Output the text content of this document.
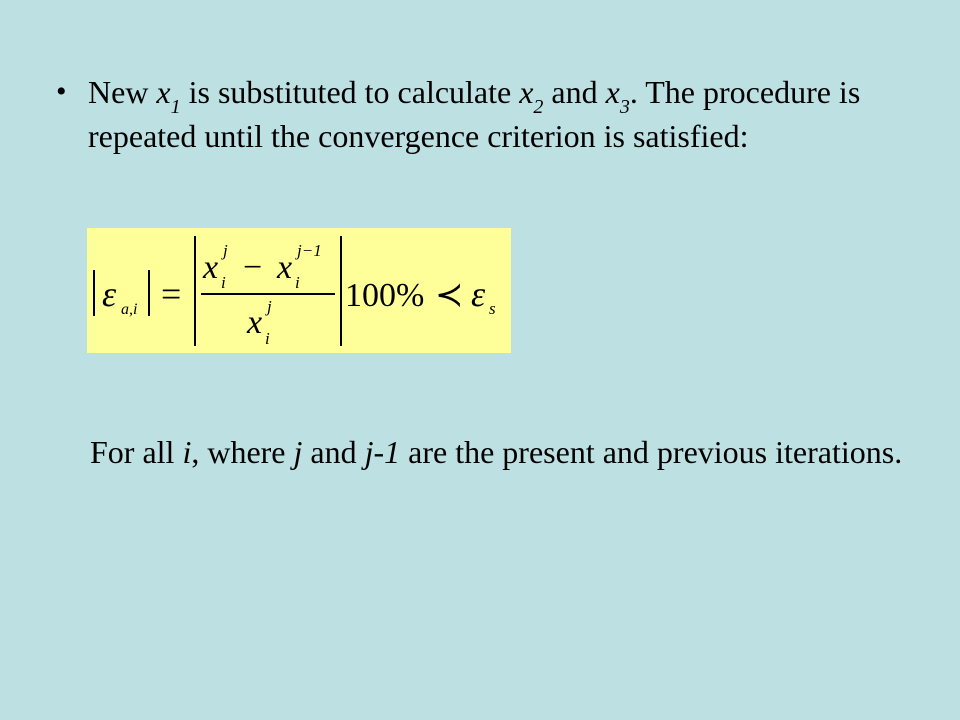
• New $x_1$ is substituted to calculate $x_2$ and $x_3$. The procedure is repeated until the convergence criterion is satisfied:
ε a,i =
x j
i − x j−1
i
x j
i
100% ≺ ε s
For all i, where j and j-1 are the present and previous iterations.
